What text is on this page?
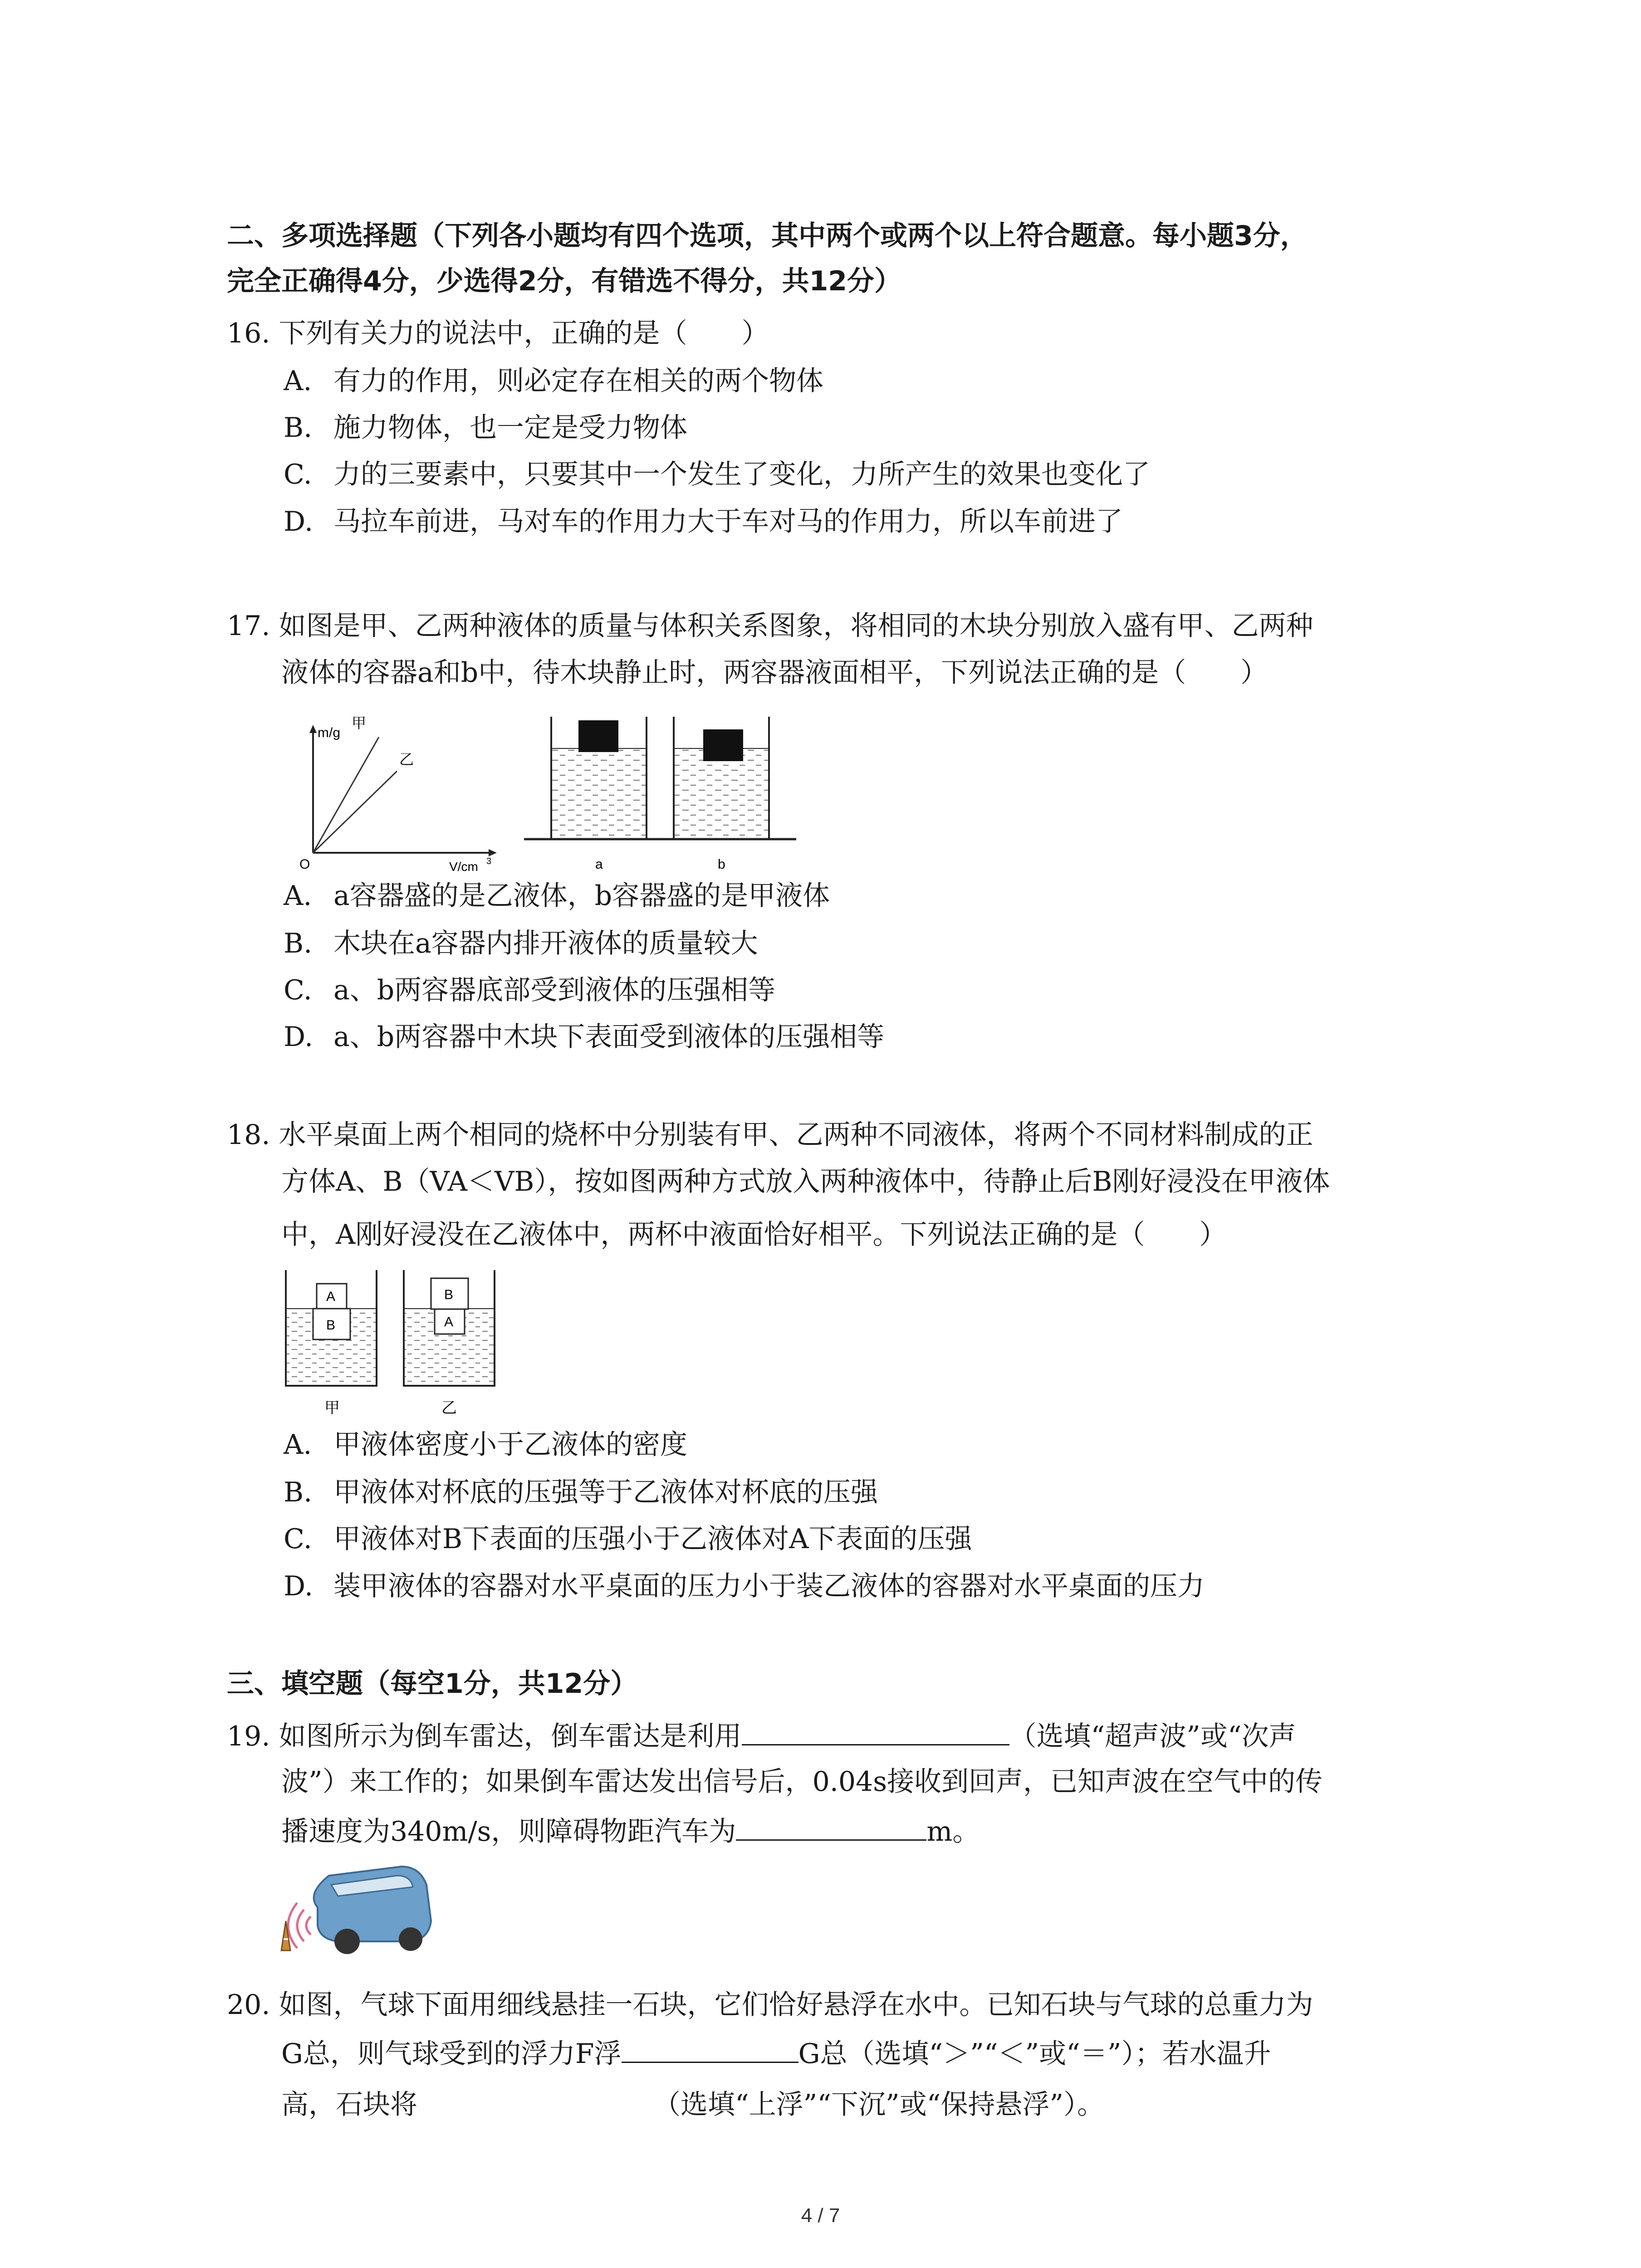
二、多项选择题（下列各小题均有四个选项，其中两个或两个以上符合题意。每小题3分，
完全正确得4分，少选得2分，有错选不得分，共12分）
16. 下列有关力的说法中，正确的是（　　）
A. 有力的作用，则必定存在相关的两个物体
B. 施力物体，也一定是受力物体
C. 力的三要素中，只要其中一个发生了变化，力所产生的效果也变化了
D. 马拉车前进，马对车的作用力大于车对马的作用力，所以车前进了
17. 如图是甲、乙两种液体的质量与体积关系图象，将相同的木块分别放入盛有甲、乙两种
液体的容器a和b中，待木块静止时，两容器液面相平，下列说法正确的是（　　）
m/g
甲
乙
O	V/cm 3	a	b
A. a容器盛的是乙液体，b容器盛的是甲液体
B. 木块在a容器内排开液体的质量较大
C. a、b两容器底部受到液体的压强相等
D. a、b两容器中木块下表面受到液体的压强相等
18. 水平桌面上两个相同的烧杯中分别装有甲、乙两种不同液体，将两个不同材料制成的正
方体A、B（VA＜VB），按如图两种方式放入两种液体中，待静止后B刚好浸没在甲液体
中，A刚好浸没在乙液体中，两杯中液面恰好相平。下列说法正确的是（　　）
A
B
甲
B
A
乙
A. 甲液体密度小于乙液体的密度
B. 甲液体对杯底的压强等于乙液体对杯底的压强
C. 甲液体对B下表面的压强小于乙液体对A下表面的压强
D. 装甲液体的容器对水平桌面的压力小于装乙液体的容器对水平桌面的压力
三、填空题（每空1分，共12分）
19. 如图所示为倒车雷达，倒车雷达是利用	（选填“超声波”或“次声
波”）来工作的；如果倒车雷达发出信号后，0.04s接收到回声，已知声波在空气中的传
播速度为340m/s，则障碍物距汽车为	m。
20. 如图，气球下面用细线悬挂一石块，它们恰好悬浮在水中。已知石块与气球的总重力为
G总，则气球受到的浮力F浮	G总（选填“＞”“＜”或“＝”）；若水温升
高，石块将	（选填“上浮”“下沉”或“保持悬浮”）。
4 / 7
